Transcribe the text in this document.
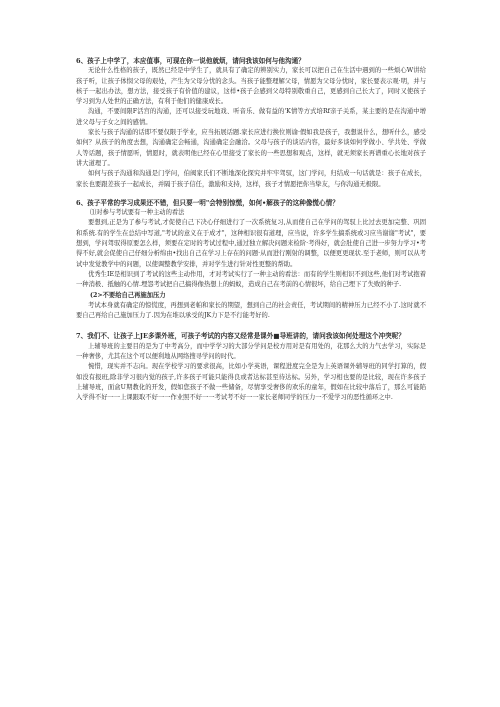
6、孩子上中学了，本应值事，可现在你一说他就烦，请问我该如何与他沟通？

无论什么性格的孩子，既然已经是中学生了，就具有了确定的辨别实力，家长可以把自己在生活中遇到的一些烦心W讲给孩子听，让孩子体悯父母的艰处，产生为父母分忧的念头。当孩子能整理解父母，情愿为父母分忧时，家长要表示观·明，并与核子一起出办法，想方法，接受孩子有价值的建议，这样•孩子会感到父母特别敬重自己，更感到自己长大了，同时又使孩子学习到为人处世的正确方法，有利于他们的健康成长。

沟通，不要间限F活宫的沟通，还可以接受玩地戏、听音乐、做有益的'K情等方式培Rf亲子关系，某主要的是在沟通中增进父母与子女之间的感情。

家长与孩子沟通的话即不要仅限于学业，应当拓展话题.家长应进行换位则谕·假如我是孩子，我想说什么，想听什么，感受如何？从孩子的角度去想，沟通确定会畅通，沟通确定会融洽。父母与孩子的谈话内容，最好多谈如何学做小、学共处、学做人等话题，孩子情愿听，情愿时，就表明他已经在心里接受了家长的一些思想和观点，这样，就无须家长再谱重心长地对孩子讲大道理了。

如何与孩子沟通和沟通是门学问，伯阀家氏们不断地深化探究并牢牢驾驭，这门学问，归结成一句话就是：孩子在成长，家长也要跟差孩子一起成长，并隔于孩子信任，激励和支持，这样，孩子才情愿把你当挚友，与你沟通无极限。

6、孩子平常的学习成果还不错，但只要一明"会特别惊慌，如何•解孩子的这种像慌心情？

⑴对参与考试要有一种主动的看法

要想到,正是为了参与考试,才促使自己下决心仔细进行了一次系统复习,从而使自己在学问的驾驭上比过去更加完整、巩固和系统.有的学生在总结中写道,"考试的意义在于成才"，这种相识很有道理，应当说，许多学生搞系统或习应当谢谢"考试"，要想到，学问驾驭得原要怎么样，须要在定时的考试过程中,通过独立解决问题来检阶·考得好，就会肚使自己进一步努力学习•考得不好,就会促使自己仔细分析绵由•找出自己在学习上存在的问题·从而进行刚射的调整，以便更更现状.至于老师，则可以从考试中发觉教学中的问题，以使调整教学安排，并对学生进行针对性更整的帮助。

优秀生IE是相识到了考试的这些主动作用，才对考试实行了一种主动的看法：而有的学生则相识不到这些,他们对考试抱着一种消极、抵触的心情.埋怨考试把自己搞得像热想上的蚂蚁，造成自己在考前的心情很坏，给自己埋下了失败的种子.

(2>不要给自己再施加压力

考试本身就有确定的惊慌度，再想到老帕和家长的期望，想到自己的社会责任，考试期间的精神压力已经不小了.这时就不要自己再给自己施加压力了.因为在堆以承受的JK力下是不行能考好的.

7、我们不、让孩子上JE多课外班，可孩子考试的内容又经常是课外■导班讲的，请问我该如何处理这个冲突呢？

上辅导班的主要目的是为了中考高分，而中学学习的大部分学问是校方用对是有用处的，花那么大的力气去学习，实际是一种奢侈，尤其在这个可以便利地从网络搜寻学问的时代。

惋惜，现实并不志向。现在学校学习的要求很高，比如小学英语，课程进度完全是为上英语课外辅导班的同学打算的，假如没有报班,除非学习很内觉的孩子,许多孩子可能只能得良或者达标甚至待达标。另外，学习相也要的是比较，现在许多孩子上辅导班，面盒U期教化的开发，假如您孩子不做一些储备，尽情享受奢侈的欢乐的童年，假如在比较中落后了，那么可能陷入学得不好一一上课跟取不好一一作业照不好一一考试考不好一一家长老师同学的压力一不爱学习的恶性循环之中.
